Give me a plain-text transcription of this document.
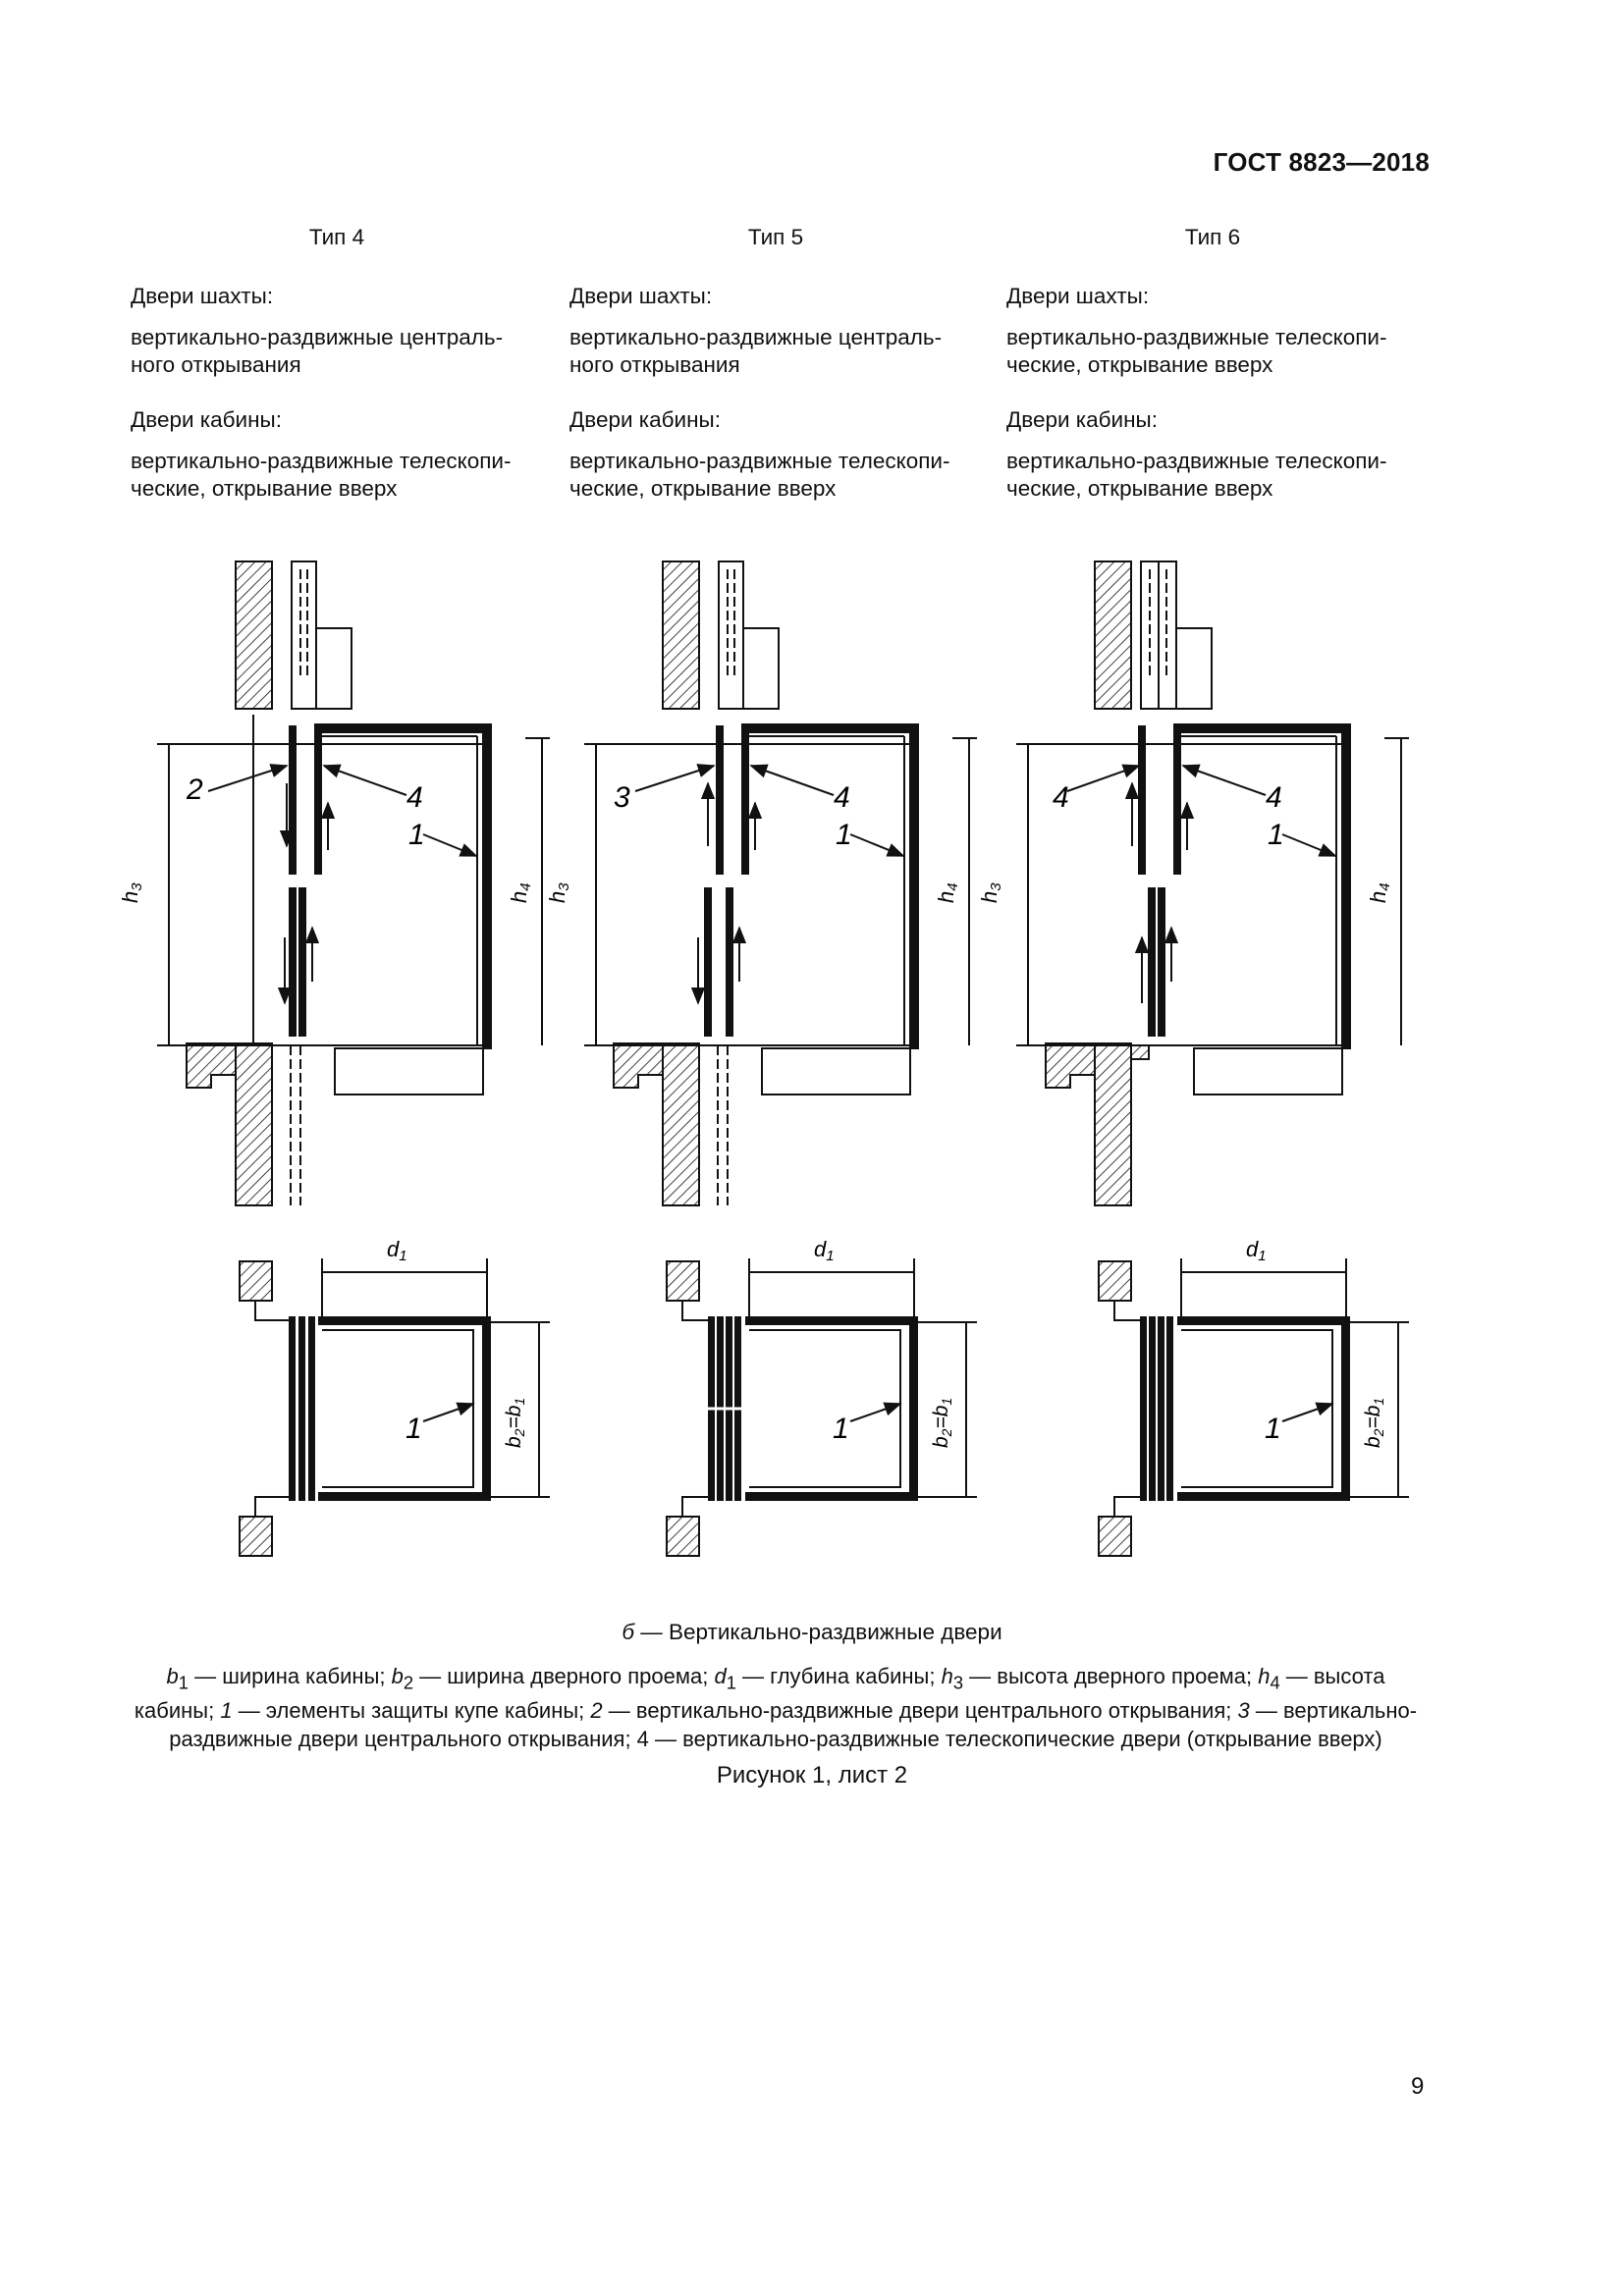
ГОСТ 8823—2018
Тип 4
Двери шахты:
вертикально-раздвижные централь-
ного открывания
Двери кабины:
вертикально-раздвижные телескопи-
ческие, открывание вверх
Тип 5
Двери шахты:
вертикально-раздвижные централь-
ного открывания
Двери кабины:
вертикально-раздвижные телескопи-
ческие, открывание вверх
Тип 6
Двери шахты:
вертикально-раздвижные телескопи-
ческие, открывание вверх
Двери кабины:
вертикально-раздвижные телескопи-
ческие, открывание вверх
h3
h4
2	4
1
h3
h4
3	4
1
h3
h4
4	4
1
d1
b2=b1
1
d1
b2=b1
1
d1
b2=b1
1
б — Вертикально-раздвижные двери
$b_1$ — ширина кабины; $b_2$ — ширина дверного проема; $d_1$ — глубина кабины; $h_3$ — высота дверного проема; $h_4$ — высота кабины; 1 — элементы защиты купе кабины; 2 — вертикально-раздвижные двери центрального открывания; 3 — вертикально-раздвижные двери центрального открывания; 4 — вертикально-раздвижные телескопические двери (открывание вверх)
Рисунок 1, лист 2
9
